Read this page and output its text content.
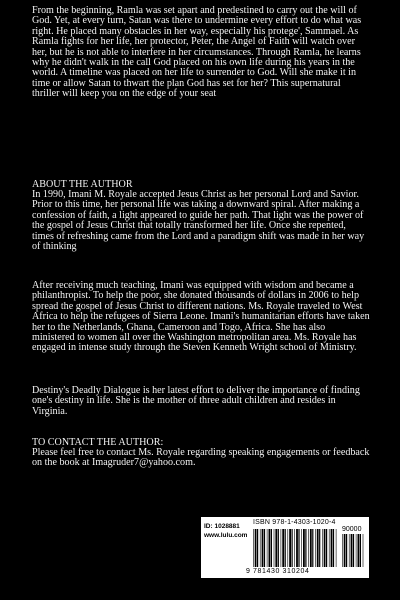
From the beginning, Ramla was set apart and predestined to carry out the will of God. Yet, at every turn, Satan was there to undermine every effort to do what was right. He placed many obstacles in her way, especially his protege', Sammael. As Ramla fights for her life, her protector, Peter, the Angel of Faith will watch over her, but he is not able to interfere in her circumstances. Through Ramla, he learns why he didn't walk in the call God placed on his own life during his years in the world. A timeline was placed on her life to surrender to God. Will she make it in time or allow Satan to thwart the plan God has set for her? This supernatural thriller will keep you on the edge of your seat

ABOUT THE AUTHOR

In 1990, Imani M. Royale accepted Jesus Christ as her personal Lord and Savior. Prior to this time, her personal life was taking a downward spiral. After making a confession of faith, a light appeared to guide her path. That light was the power of the gospel of Jesus Christ that totally transformed her life. Once she repented, times of refreshing came from the Lord and a paradigm shift was made in her way of thinking

After receiving much teaching, Imani was equipped with wisdom and became a philanthropist. To help the poor, she donated thousands of dollars in 2006 to help spread the gospel of Jesus Christ to different nations. Ms. Royale traveled to West Africa to help the refugees of Sierra Leone. Imani's humanitarian efforts have taken her to the Netherlands, Ghana, Cameroon and Togo, Africa. She has also ministered to women all over the Washington metropolitan area. Ms. Royale has engaged in intense study through the Steven Kenneth Wright school of Ministry.

Destiny's Deadly Dialogue is her latest effort to deliver the importance of finding one's destiny in life. She is the mother of three adult children and resides in Virginia.

TO CONTACT THE AUTHOR:

Please feel free to contact Ms. Royale regarding speaking engagements or feedback on the book at Imagruder7@yahoo.com.

ISBN 978-1-4303-1020-4
90000
ID: 1028881
www.lulu.com
9 781430 310204
